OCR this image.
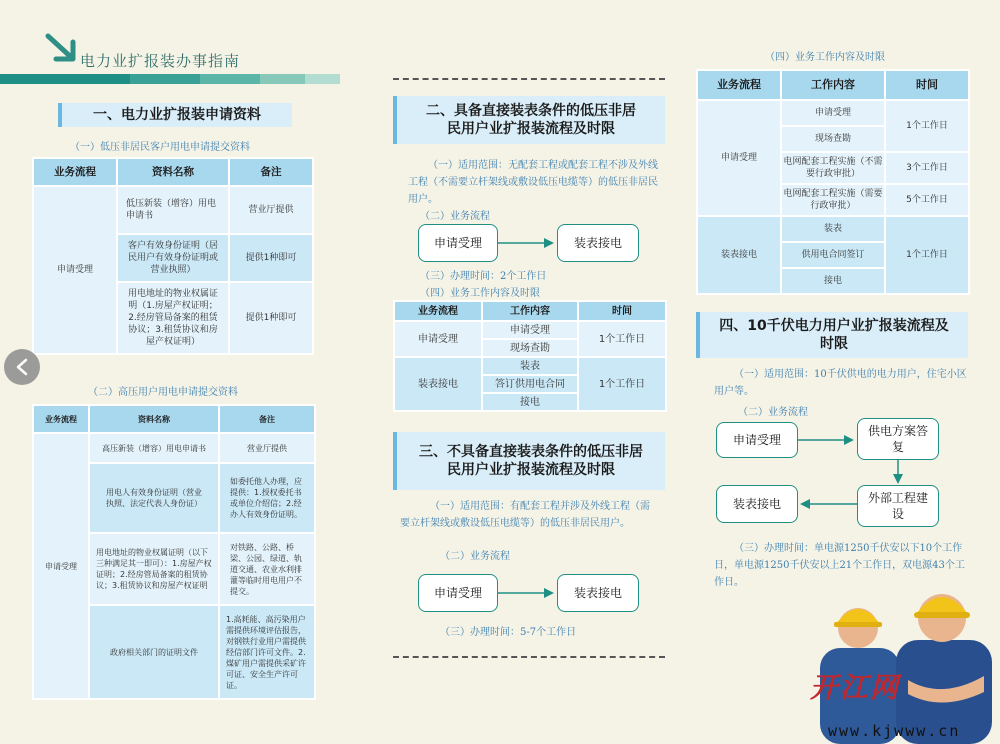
电力业扩报装办事指南
一、电力业扩报装申请资料
（一）低压非居民客户用电申请提交资料
业务流程	资料名称	备注
申请受理	低压新装（增容）用电申请书	营业厅提供
	客户有效身份证明（居民用户有效身份证明或营业执照）	提供1种即可
	用电地址的物业权属证明（1.房屋产权证明；2.经房管局备案的租赁协议；3.租赁协议和房屋产权证明）	提供1种即可
（二）高压用户用电申请提交资料
业务流程	资料名称	备注
申请受理	高压新装（增容）用电申请书	营业厅提供
	用电人有效身份证明（营业执照、法定代表人身份证）	如委托他人办理，应提供：1.授权委托书或单位介绍信；2.经办人有效身份证明。
	用电地址的物业权属证明（以下三种满足其一即可）：1.房屋产权证明；2.经房管局备案的租赁协议；3.租赁协议和房屋产权证明	对铁路、公路、桥梁、公园、绿道、轨道交通、农业水利排灌等临时用电用户不提交。
	政府相关部门的证明文件	1.高耗能、高污染用户需提供环境评估报告，对钢铁行业用户需提供经信部门许可文件。2.煤矿用户需提供采矿许可证、安全生产许可证。
二、具备直接装表条件的低压非居民用户业扩报装流程及时限
（一）适用范围：无配套工程或配套工程不涉及外线工程（不需要立杆架线或敷设低压电缆等）的低压非居民用户。
（二）业务流程
申请受理	装表接电
（三）办理时间：2个工作日
（四）业务工作内容及时限
业务流程	工作内容	时间
申请受理	申请受理	1个工作日
	现场查勘	
装表接电	装表	1个工作日
	答订供用电合同	
	接电	
三、不具备直接装表条件的低压非居民用户业扩报装流程及时限
（一）适用范围：有配套工程并涉及外线工程（需要立杆架线或敷设低压电缆等）的低压非居民用户。
（二）业务流程
申请受理	装表接电
（三）办理时间：5-7个工作日
（四）业务工作内容及时限
业务流程	工作内容	时间
申请受理	申请受理	1个工作日
	现场查勘	
	电网配套工程实施（不需要行政审批）	3个工作日
	电网配套工程实施（需要行政审批）	5个工作日
装表接电	装表	1个工作日
	供用电合同签订	
	接电	
四、10千伏电力用户业扩报装流程及时限
（一）适用范围：10千伏供电的电力用户，住宅小区用户等。
（二）业务流程
申请受理
供电方案答复
外部工程建设
装表接电
（三）办理时间：单电源1250千伏安以下10个工作日，单电源1250千伏安以上21个工作日，双电源43个工作日。
开江网
www.kjwww.cn
